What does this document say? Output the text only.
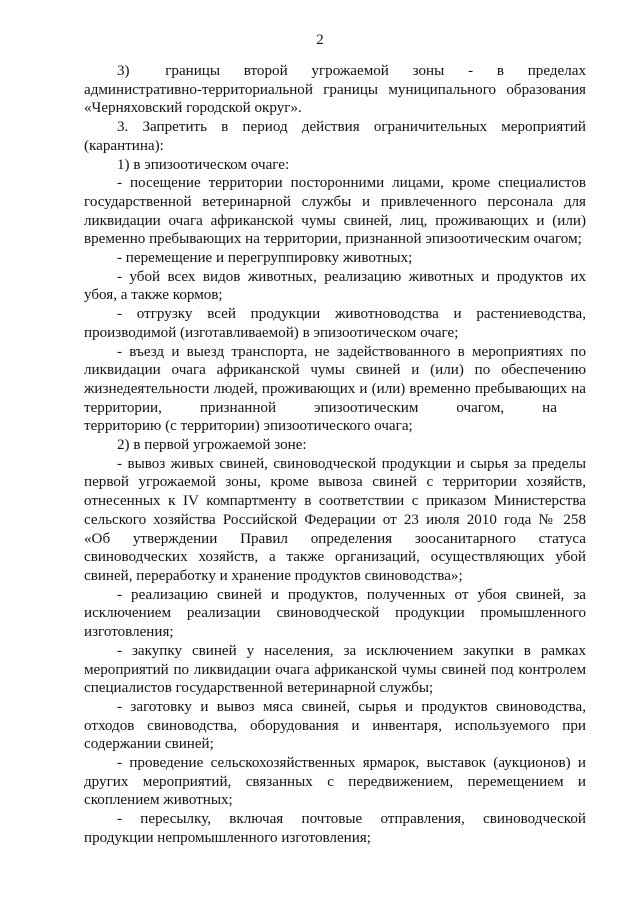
2

3)      границы    второй    угрожаемой    зоны    -    в    пределах административно-территориальной границы муниципального образования «Черняховский городской округ».

3. Запретить в период действия ограничительных мероприятий (карантина):

1) в эпизоотическом очаге:

- посещение территории посторонними лицами, кроме специалистов государственной ветеринарной службы и привлеченного персонала для ликвидации очага африканской чумы свиней, лиц, проживающих и (или) временно пребывающих на территории, признанной эпизоотическим очагом;

- перемещение и перегруппировку животных;

- убой всех видов животных, реализацию животных и продуктов их убоя, а также кормов;

- отгрузку всей продукции животноводства и растениеводства, производимой (изготавливаемой) в эпизоотическом очаге;

- въезд и выезд транспорта, не задействованного в мероприятиях по ликвидации очага африканской чумы свиней и (или) по обеспечению жизнедеятельности людей, проживающих и (или) временно пребывающих на территории,      признанной      эпизоотическим      очагом,      на      территорию (с территории) эпизоотического очага;

2) в первой угрожаемой зоне:

- вывоз живых свиней, свиноводческой продукции и сырья за пределы первой угрожаемой зоны, кроме вывоза свиней с территории хозяйств, отнесенных к IV компартменту в соответствии с приказом Министерства сельского хозяйства Российской Федерации от 23 июля 2010 года № 258 «Об     утверждении     Правил     определения     зоосанитарного     статуса свиноводческих хозяйств, а также организаций, осуществляющих убой свиней, переработку и хранение продуктов свиноводства»;

- реализацию свиней и продуктов, полученных от убоя свиней, за исключением реализации свиноводческой продукции промышленного изготовления;

- закупку свиней у населения, за исключением закупки в рамках мероприятий по ликвидации очага африканской чумы свиней под контролем специалистов государственной ветеринарной службы;

- заготовку и вывоз мяса свиней, сырья и продуктов свиноводства, отходов свиноводства, оборудования и инвентаря, используемого при содержании свиней;

- проведение сельскохозяйственных ярмарок, выставок (аукционов) и других мероприятий, связанных с передвижением, перемещением и скоплением животных;

- пересылку, включая почтовые отправления, свиноводческой продукции непромышленного изготовления;
